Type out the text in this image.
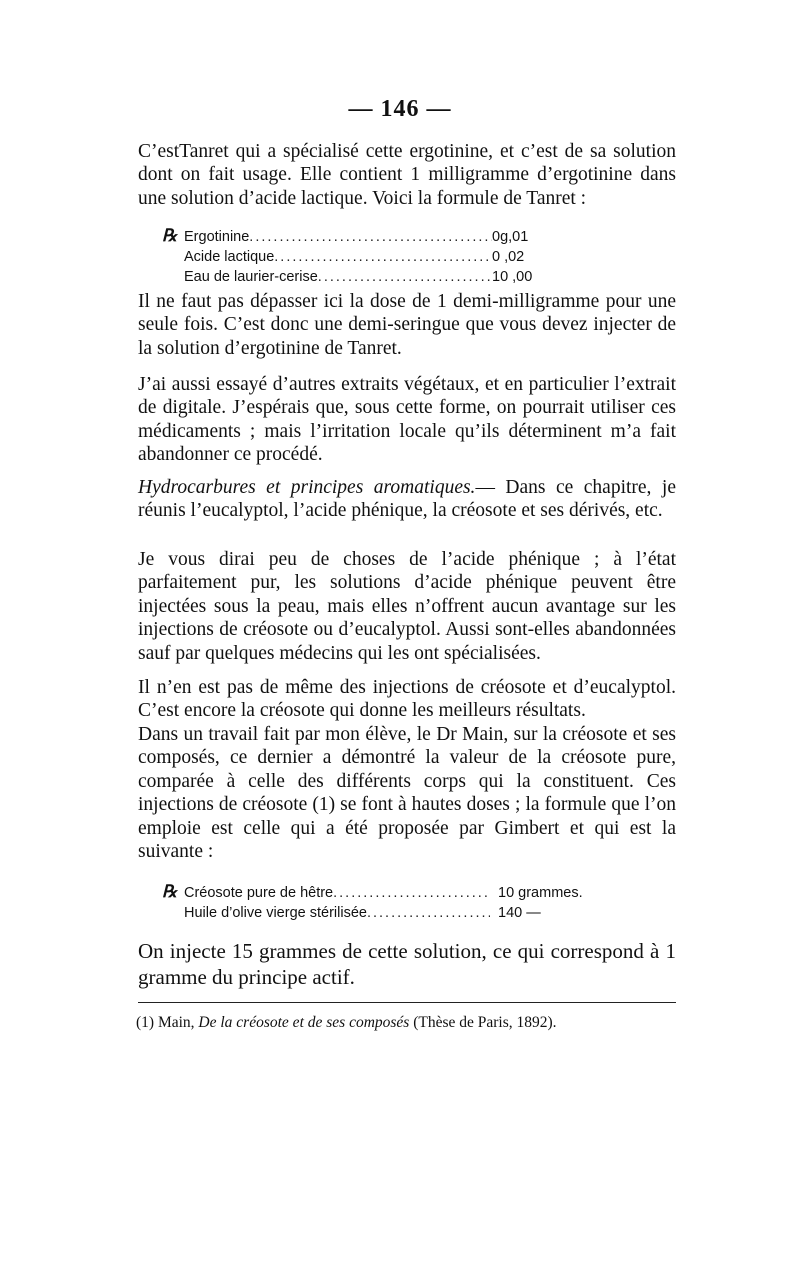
— 146 —

C’estTanret qui a spécialisé cette ergotinine, et c’est de sa solution dont on fait usage. Elle contient 1 milligramme d’ergotinine dans une solution d’acide lactique. Voici la formule de Tanret :

℞ Ergotinine .....	0g,01
Acide lactique .....	0 ,02
Eau de laurier-cerise .....	10 ,00

Il ne faut pas dépasser ici la dose de 1 demi-milligramme pour une seule fois. C’est donc une demi-seringue que vous devez injecter de la solution d’ergotinine de Tanret.

J’ai aussi essayé d’autres extraits végétaux, et en particulier l’extrait de digitale. J’espérais que, sous cette forme, on pourrait utiliser ces médicaments ; mais l’irritation locale qu’ils déterminent m’a fait abandonner ce procédé.

Hydrocarbures et principes aromatiques.— Dans ce chapitre, je réunis l’eucalyptol, l’acide phénique, la créosote et ses dérivés, etc.

Je vous dirai peu de choses de l’acide phénique ; à l’état parfaitement pur, les solutions d’acide phénique peuvent être injectées sous la peau, mais elles n’offrent aucun avantage sur les injections de créosote ou d’eucalyptol. Aussi sont-elles abandonnées sauf par quelques médecins qui les ont spécialisées.

Il n’en est pas de même des injections de créosote et d’eucalyptol. C’est encore la créosote qui donne les meilleurs résultats.

Dans un travail fait par mon élève, le Dr Main, sur la créosote et ses composés, ce dernier a démontré la valeur de la créosote pure, comparée à celle des différents corps qui la constituent. Ces injections de créosote (1) se font à hautes doses ; la formule que l’on emploie est celle qui a été proposée par Gimbert et qui est la suivante :

℞ Créosote pure de hêtre .....	10 grammes.
Huile d’olive vierge stérilisée .....	140 —

On injecte 15 grammes de cette solution, ce qui correspond à 1 gramme du principe actif.

(1) Main, De la créosote et de ses composés (Thèse de Paris, 1892).
